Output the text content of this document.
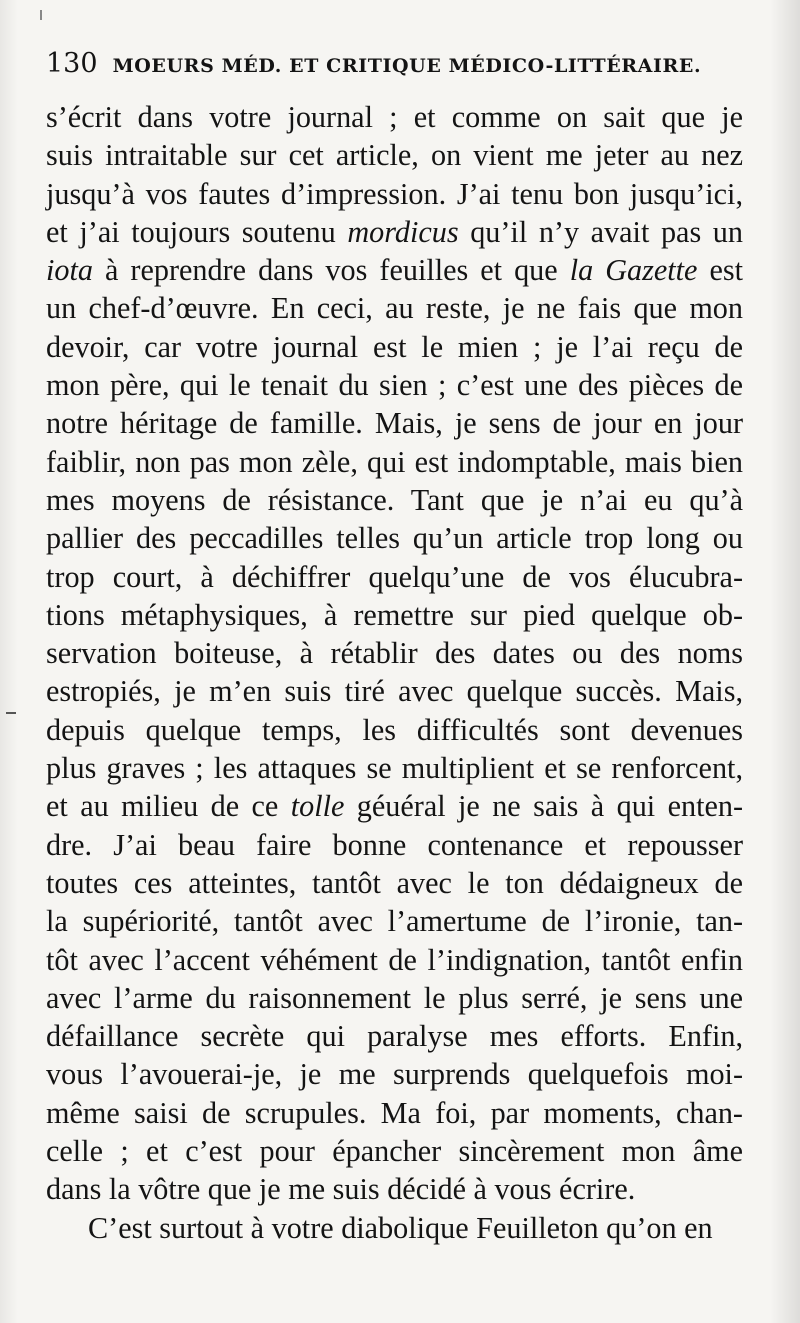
130 MOEURS MÉD. ET CRITIQUE MÉDICO-LITTÉRAIRE.
s’écrit dans votre journal ; et comme on sait que je
suis intraitable sur cet article, on vient me jeter au nez
jusqu’à vos fautes d’impression. J’ai tenu bon jusqu’ici,
et j’ai toujours soutenu mordicus qu’il n’y avait pas un
iota à reprendre dans vos feuilles et que la Gazette est
un chef-d’œuvre. En ceci, au reste, je ne fais que mon
devoir, car votre journal est le mien ; je l’ai reçu de
mon père, qui le tenait du sien ; c’est une des pièces de
notre héritage de famille. Mais, je sens de jour en jour
faiblir, non pas mon zèle, qui est indomptable, mais bien
mes moyens de résistance. Tant que je n’ai eu qu’à
pallier des peccadilles telles qu’un article trop long ou
trop court, à déchiffrer quelqu’une de vos élucubra-
tions métaphysiques, à remettre sur pied quelque ob-
servation boiteuse, à rétablir des dates ou des noms
estropiés, je m’en suis tiré avec quelque succès. Mais,
depuis quelque temps, les difficultés sont devenues
plus graves ; les attaques se multiplient et se renforcent,
et au milieu de ce tolle géuéral je ne sais à qui enten-
dre. J’ai beau faire bonne contenance et repousser
toutes ces atteintes, tantôt avec le ton dédaigneux de
la supériorité, tantôt avec l’amertume de l’ironie, tan-
tôt avec l’accent véhément de l’indignation, tantôt enfin
avec l’arme du raisonnement le plus serré, je sens une
défaillance secrète qui paralyse mes efforts. Enfin,
vous l’avouerai-je, je me surprends quelquefois moi-
même saisi de scrupules. Ma foi, par moments, chan-
celle ; et c’est pour épancher sincèrement mon âme
dans la vôtre que je me suis décidé à vous écrire.
C’est surtout à votre diabolique Feuilleton qu’on en
